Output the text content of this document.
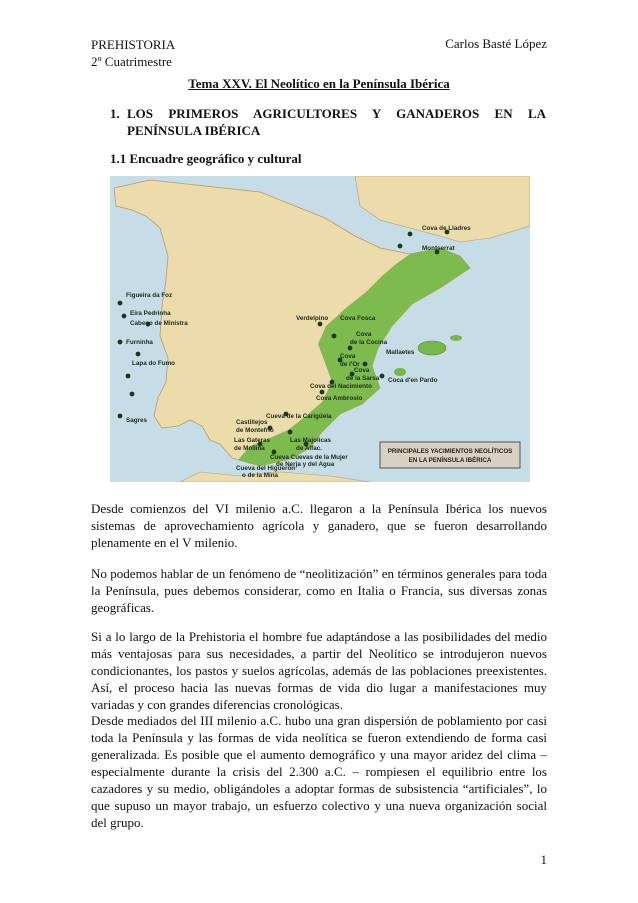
PREHISTORIA
2º Cuatrimestre
Carlos Basté López
Tema XXV. El Neolítico en la Península Ibérica
1. LOS PRIMEROS AGRICULTORES Y GANADEROS EN LA
PENÍNSULA IBÉRICA
1.1 Encuadre geográfico y cultural
Cova de Lladres
Montserrat
Figueira da Foz
Eira Pedrinha
Cabeço de Ministra
Furninha
Lapa do Fumo
Sagres
Verdelpino Cova Fosca
Cova
de la Cocina
Mallaetes
Cova
de l'Or
Cova
de la Sarsa
Cova del Nacimiento
Coca d'en Pardo
Cova Ambrosio
Cueva de la Carigüela
Castillejos
de Montefrío
Las Majolicas
de Alfac.
Las Gateras
de Mollina
Cueva Cuevas de la Mujer
de Nerja y del Agua
Cueva del Higuerón
o de la Mina
PRINCIPALES YACIMIENTOS NEOLÍTICOS
EN LA PENÍNSULA IBÉRICA

Desde comienzos del VI milenio a.C. llegaron a la Península Ibérica los nuevos sistemas de aprovechamiento agrícola y ganadero, que se fueron desarrollando plenamente en el V milenio.

No podemos hablar de un fenómeno de “neolitización” en términos generales para toda la Península, pues debemos considerar, como en Italia o Francia, sus diversas zonas geográficas.

Si a lo largo de la Prehistoria el hombre fue adaptándose a las posibilidades del medio más ventajosas para sus necesidades, a partir del Neolítico se introdujeron nuevos condicionantes, los pastos y suelos agrícolas, además de las poblaciones preexistentes. Así, el proceso hacia las nuevas formas de vida dio lugar a manifestaciones muy variadas y con grandes diferencias cronológicas.

Desde mediados del III milenio a.C. hubo una gran dispersión de poblamiento por casi toda la Península y las formas de vida neolítica se fueron extendiendo de forma casi generalizada. Es posible que el aumento demográfico y una mayor aridez del clima – especialmente durante la crisis del 2.300 a.C. – rompiesen el equilibrio entre los cazadores y su medio, obligándoles a adoptar formas de subsistencia “artificiales”, lo que supuso un mayor trabajo, un esfuerzo colectivo y una nueva organización social del grupo.

1
